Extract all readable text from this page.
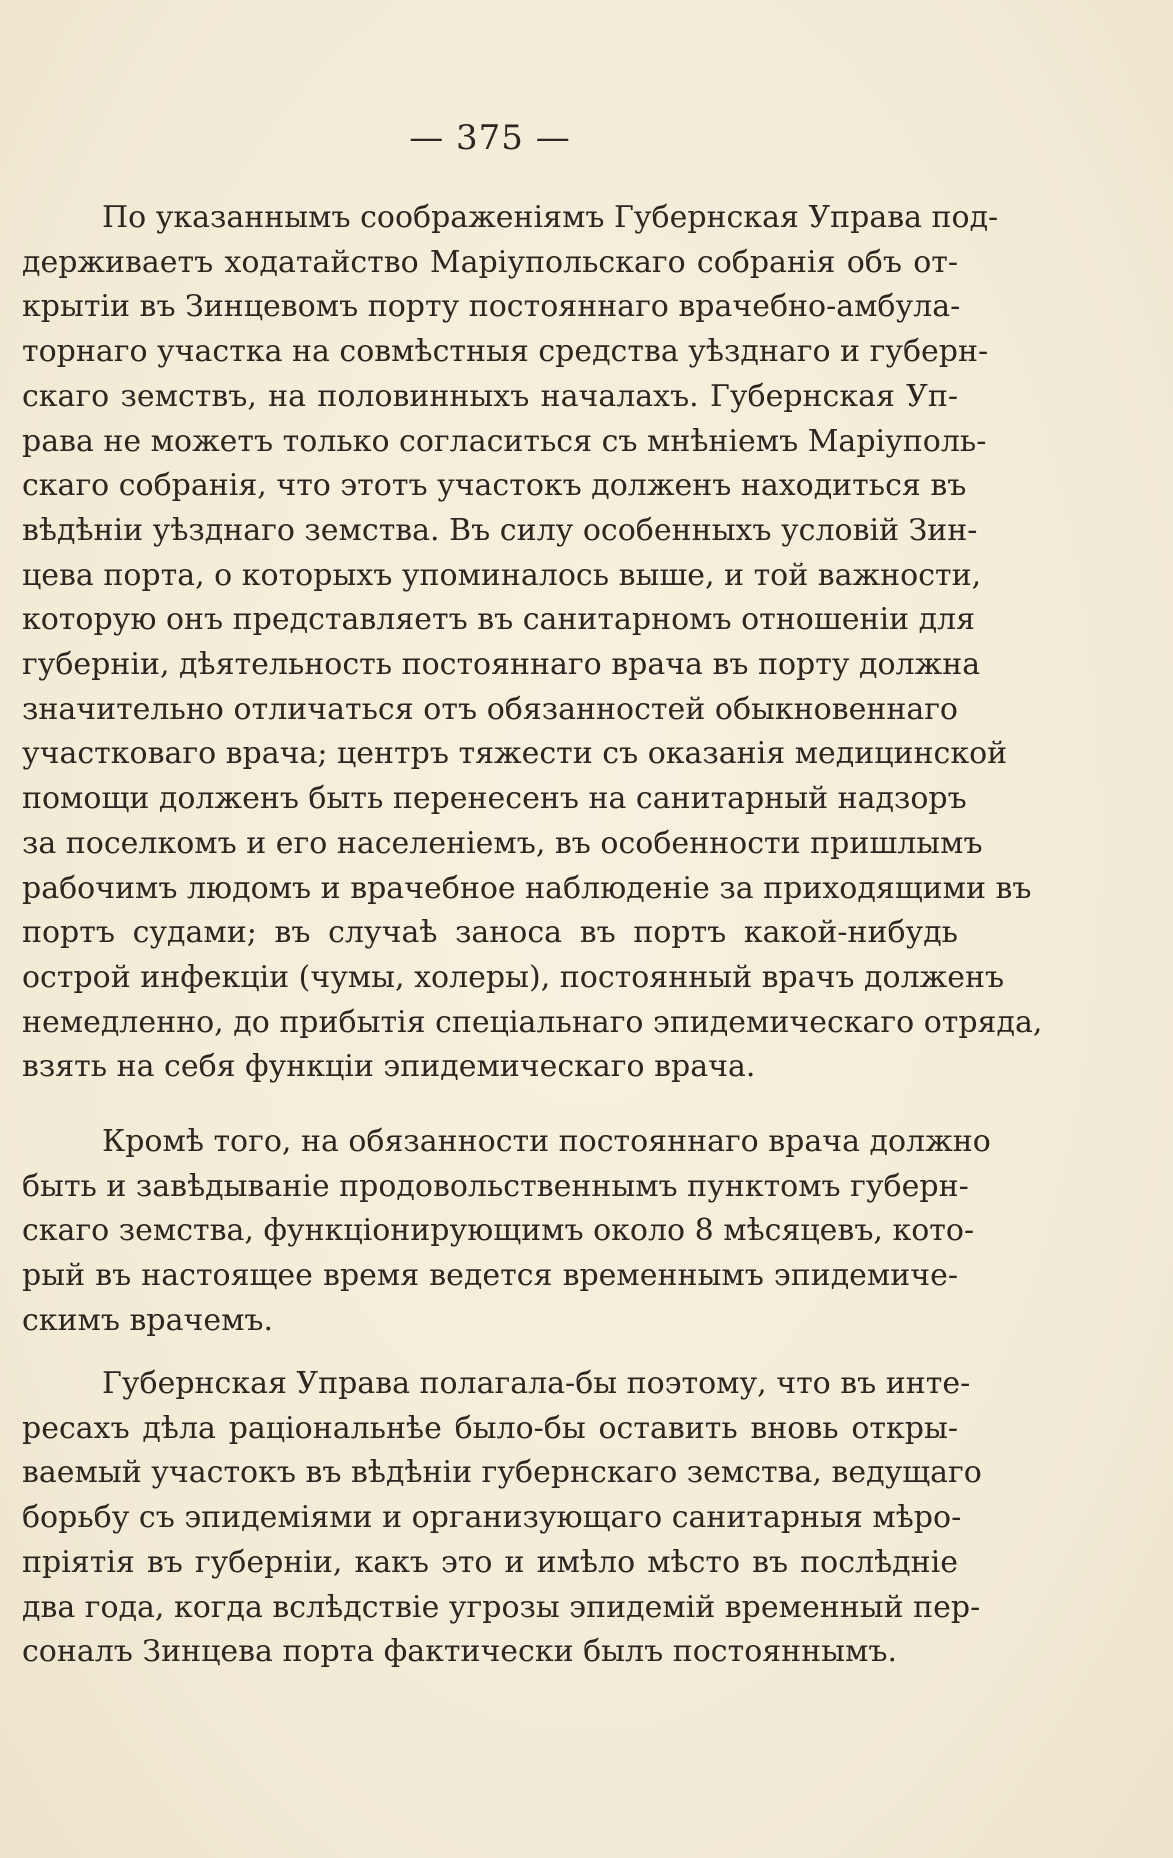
— 375 —
По указаннымъ соображенiямъ Губернская Управа под-
держиваетъ ходатайство Марiупольскаго собранiя объ от-
крытiи въ Зинцевомъ порту постояннаго врачебно-амбула-
торнаго участка на совмѣстныя средства уѣзднаго и губерн-
скаго земствъ, на половинныхъ началахъ. Губернская Уп-
рава не можетъ только согласиться съ мнѣнiемъ Марiуполь-
скаго собранiя, что этотъ участокъ долженъ находиться въ
вѣдѣнiи уѣзднаго земства. Въ силу особенныхъ условiй Зин-
цева порта, о которыхъ упоминалось выше, и той важности,
которую онъ представляетъ въ санитарномъ отношенiи для
губернiи, дѣятельность постояннаго врача въ порту должна
значительно отличаться отъ обязанностей обыкновеннаго
участковаго врача; центръ тяжести съ оказанiя медицинской
помощи долженъ быть перенесенъ на санитарный надзоръ
за поселкомъ и его населенiемъ, въ особенности пришлымъ
рабочимъ людомъ и врачебное наблюденiе за приходящими въ
портъ судами; въ случаѣ заноса въ портъ какой-нибудь
острой инфекцiи (чумы, холеры), постоянный врачъ долженъ
немедленно, до прибытiя спецiальнаго эпидемическаго отряда,
взять на себя функцiи эпидемическаго врача.
Кромѣ того, на обязанности постояннаго врача должно
быть и завѣдыванiе продовольственнымъ пунктомъ губерн-
скаго земства, функцiонирующимъ около 8 мѣсяцевъ, кото-
рый въ настоящее время ведется временнымъ эпидемиче-
скимъ врачемъ.
Губернская Управа полагала-бы поэтому, что въ инте-
ресахъ дѣла рацiональнѣе было-бы оставить вновь откры-
ваемый участокъ въ вѣдѣнiи губернскаго земства, ведущаго
борьбу съ эпидемiями и организующаго санитарныя мѣро-
прiятiя въ губернiи, какъ это и имѣло мѣсто въ послѣднiе
два года, когда вслѣдствiе угрозы эпидемiй временный пер-
соналъ Зинцева порта фактически былъ постояннымъ.
